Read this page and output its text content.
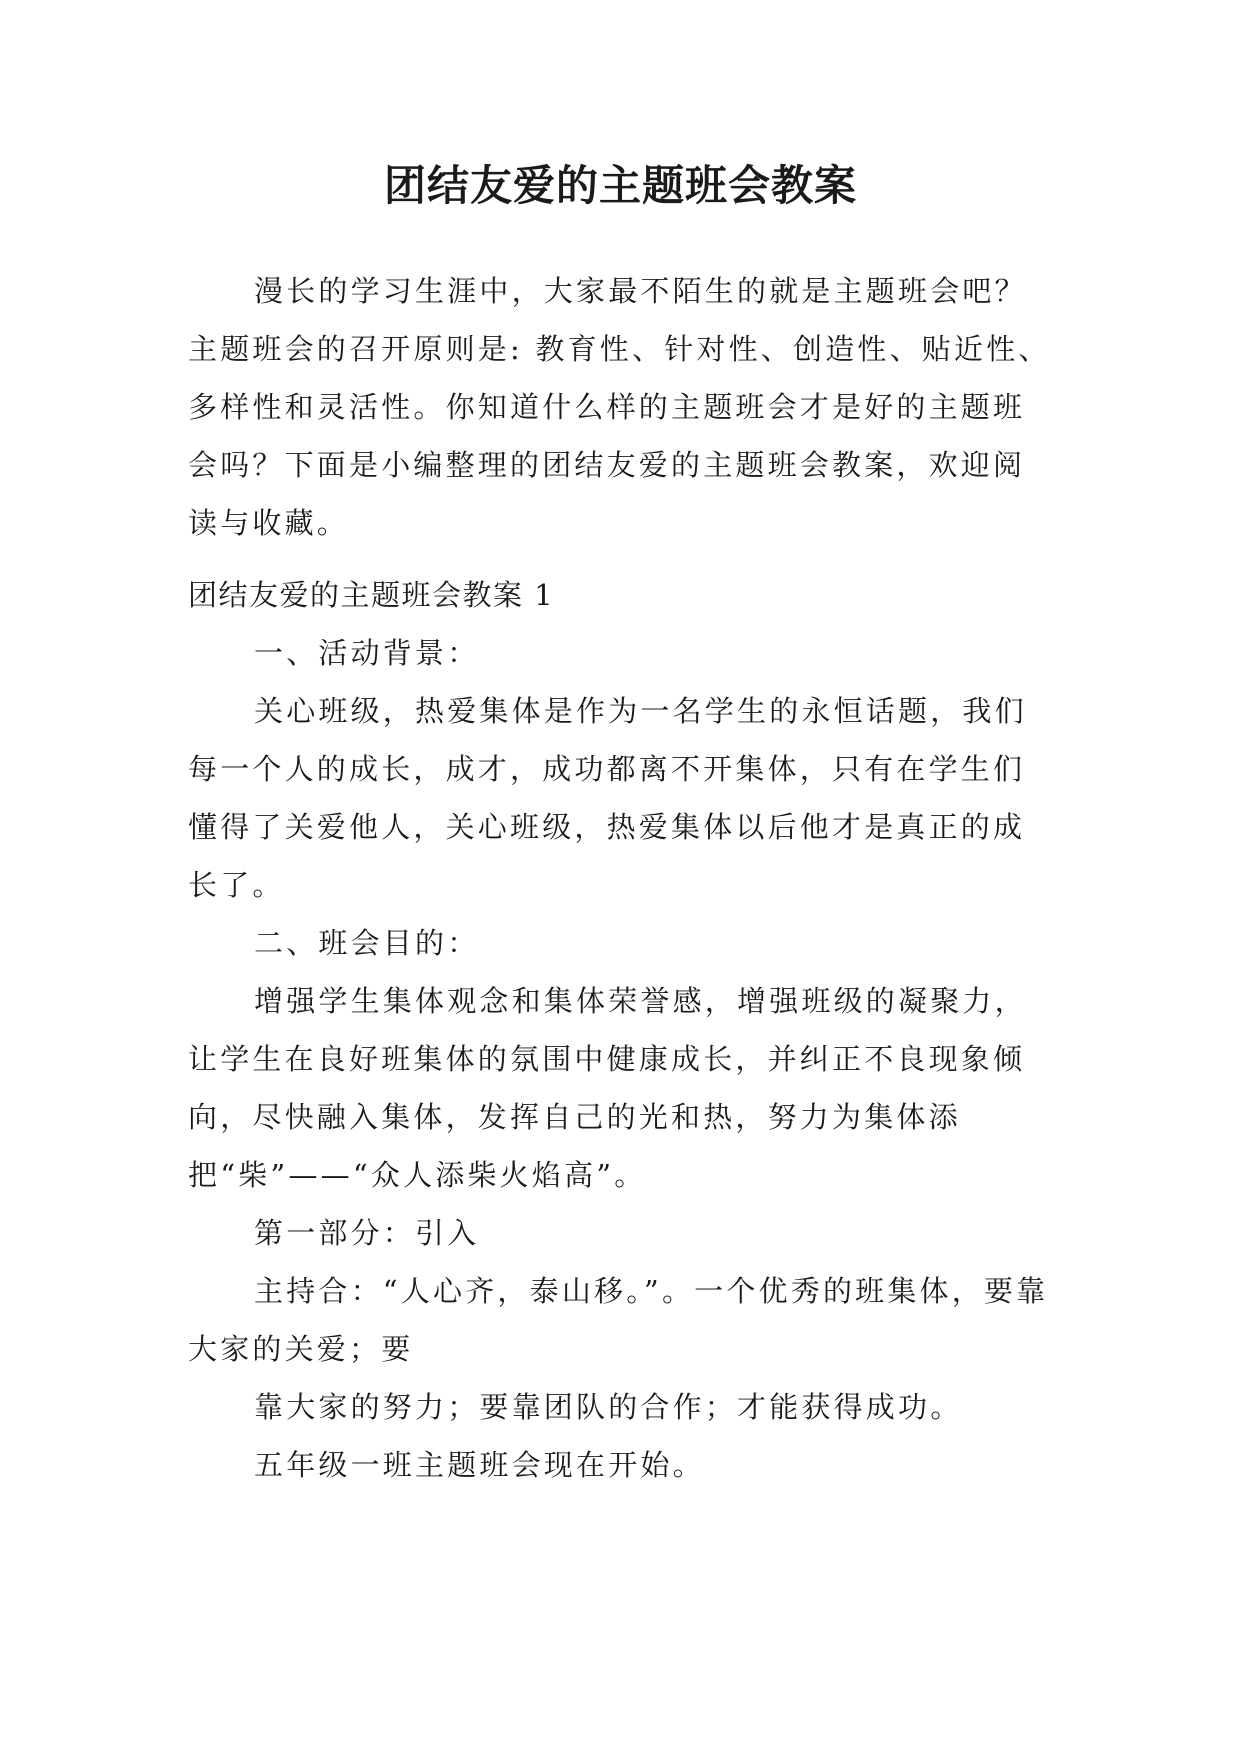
团结友爱的主题班会教案

漫长的学习生涯中，大家最不陌生的就是主题班会吧？主题班会的召开原则是: 教育性、针对性、创造性、贴近性、多样性和灵活性。你知道什么样的主题班会才是好的主题班会吗？下面是小编整理的团结友爱的主题班会教案，欢迎阅读与收藏。

团结友爱的主题班会教案 1

一、活动背景：

关心班级，热爱集体是作为一名学生的永恒话题，我们每一个人的成长，成才，成功都离不开集体，只有在学生们懂得了关爱他人，关心班级，热爱集体以后他才是真正的成长了。

二、班会目的：

增强学生集体观念和集体荣誉感，增强班级的凝聚力，让学生在良好班集体的氛围中健康成长，并纠正不良现象倾向，尽快融入集体，发挥自己的光和热，努力为集体添把“柴”——“众人添柴火焰高”。

第一部分：引入

主持合：“人心齐，泰山移。”。一个优秀的班集体，要靠大家的关爱；要

靠大家的努力；要靠团队的合作；才能获得成功。

五年级一班主题班会现在开始。
